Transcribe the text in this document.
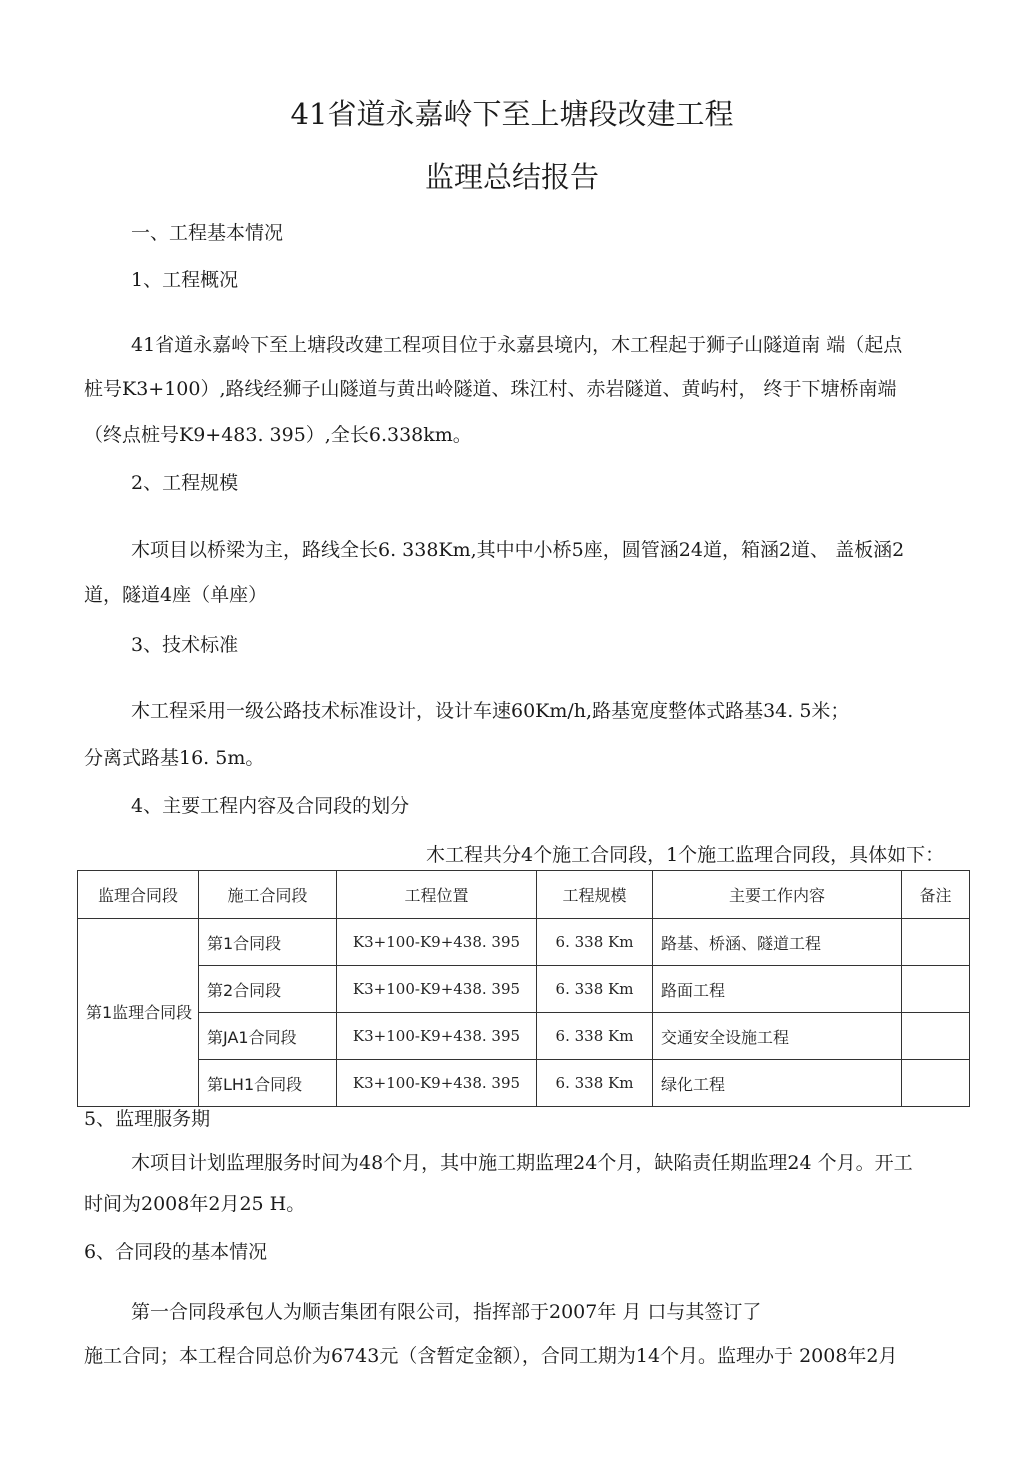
41省道永嘉岭下至上塘段改建工程
监理总结报告
一、工程基本情况
1、工程概况
41省道永嘉岭下至上塘段改建工程项目位于永嘉县境内，木工程起于狮子山隧道南 端（起点
桩号K3+100）,路线经狮子山隧道与黄出岭隧道、珠江村、赤岩隧道、黄屿村， 终于下塘桥南端
（终点桩号K9+483. 395）,全长6.338km。
2、工程规模
木项目以桥梁为主，路线全长6. 338Km,其中中小桥5座，圆管涵24道，箱涵2道、 盖板涵2
道，隧道4座（单座）
3、技术标准
木工程采用一级公路技术标准设计，设计车速60Km/h,路基宽度整体式路基34. 5米；
分离式路基16. 5m。
4、主要工程内容及合同段的划分
木工程共分4个施工合同段，1个施工监理合同段，具体如下：
监理合同段	施工合同段	工程位置	工程规模	主要工作内容	备注
第1监理合同段	第1合同段	K3+100-K9+438. 395	6. 338 Km	路基、桥涵、隧道工程	
	第2合同段	K3+100-K9+438. 395	6. 338 Km	路面工程	
	第JA1合同段	K3+100-K9+438. 395	6. 338 Km	交通安全设施工程	
	第LH1合同段	K3+100-K9+438. 395	6. 338 Km	绿化工程	
5、监理服务期
木项目计划监理服务时间为48个月，其中施工期监理24个月，缺陷责任期监理24 个月。开工
时间为2008年2月25 H。
6、合同段的基本情况
第一合同段承包人为顺吉集团有限公司，指挥部于2007年 月 口与其签订了
施工合同；本工程合同总价为6743元（含暂定金额），合同工期为14个月。监理办于 2008年2月
